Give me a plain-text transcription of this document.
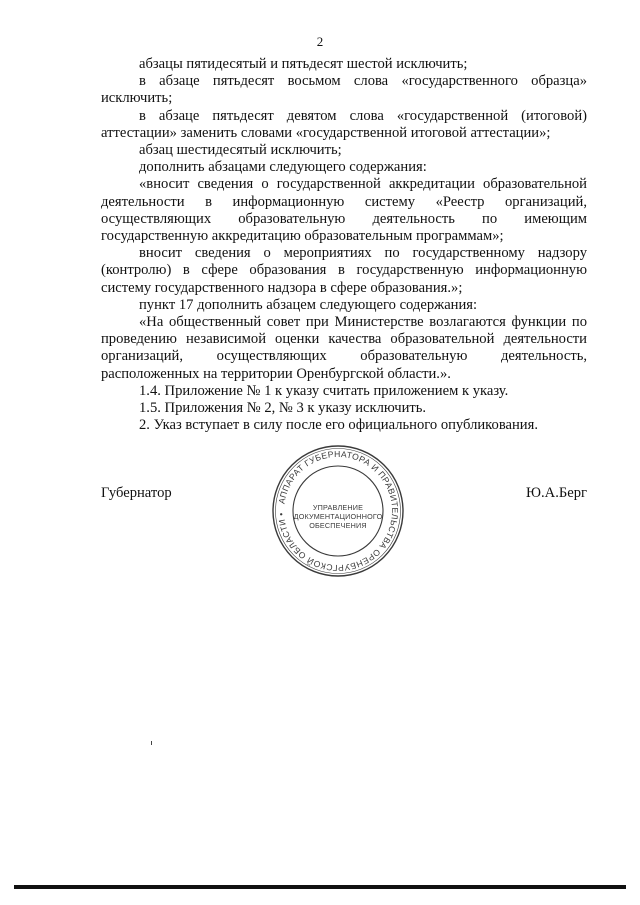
2

абзацы пятидесятый и пятьдесят шестой исключить;

в абзаце пятьдесят восьмом слова «государственного образца» исключить;

в абзаце пятьдесят девятом слова «государственной (итоговой) аттестации» заменить словами «государственной итоговой аттестации»;

абзац шестидесятый исключить;

дополнить абзацами следующего содержания:

«вносит сведения о государственной аккредитации образовательной деятельности в информационную систему «Реестр организаций, осуществляющих образовательную деятельность по имеющим государственную аккредитацию образовательным программам»;

вносит сведения о мероприятиях по государственному надзору (контролю) в сфере образования в государственную информационную систему государственного надзора в сфере образования.»;

пункт 17 дополнить абзацем следующего содержания:

«На общественный совет при Министерстве возлагаются функции по проведению независимой оценки качества образовательной деятельности организаций, осуществляющих образовательную деятельность, расположенных на территории Оренбургской области.».

1.4. Приложение № 1 к указу считать приложением к указу.

1.5. Приложения № 2, № 3 к указу исключить.

2. Указ вступает в силу после его официального опубликования.

Губернатор	АППАРАТ ГУБЕРНАТОРА И ПРАВИТЕЛЬСТВА ОРЕНБУРГСКОЙ ОБЛАСТИ •
УПРАВЛЕНИЕ
ДОКУМЕНТАЦИОННОГО
ОБЕСПЕЧЕНИЯ
Ю.А.Берг
